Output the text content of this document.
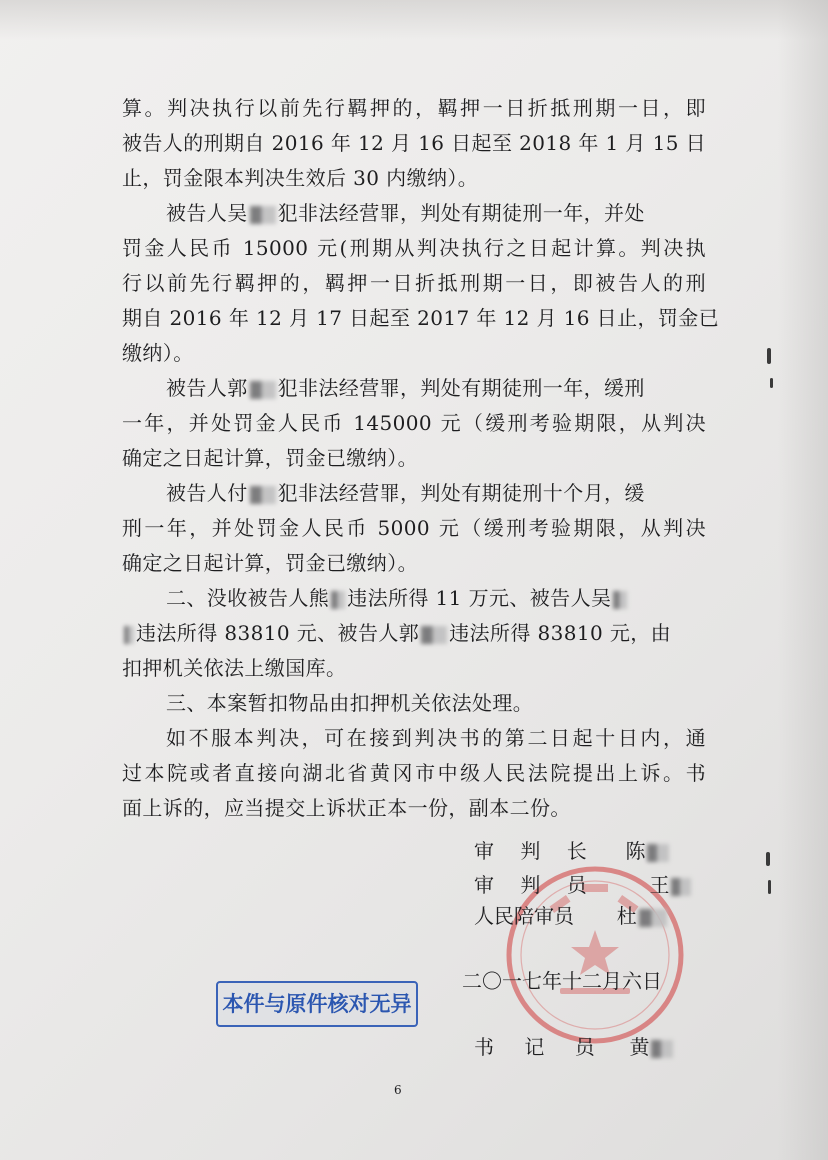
算。判决执行以前先行羁押的，羁押一日折抵刑期一日，即
被告人的刑期自 2016 年 12 月 16 日起至 2018 年 1 月 15 日
止，罚金限本判决生效后 30 内缴纳）。
被告人吴 犯非法经营罪，判处有期徒刑一年，并处
罚金人民币 15000 元(刑期从判决执行之日起计算。判决执
行以前先行羁押的，羁押一日折抵刑期一日，即被告人的刑
期自 2016 年 12 月 17 日起至 2017 年 12 月 16 日止，罚金已
缴纳）。
被告人郭 犯非法经营罪，判处有期徒刑一年，缓刑
一年，并处罚金人民币 145000 元（缓刑考验期限，从判决
确定之日起计算，罚金已缴纳）。
被告人付 犯非法经营罪，判处有期徒刑十个月，缓
刑一年，并处罚金人民币 5000 元（缓刑考验期限，从判决
确定之日起计算，罚金已缴纳）。
二、没收被告人熊 违法所得 11 万元、被告人吴
违法所得 83810 元、被告人郭 违法所得 83810 元，由
扣押机关依法上缴国库。
三、本案暂扣物品由扣押机关依法处理。
如不服本判决，可在接到判决书的第二日起十日内，通
过本院或者直接向湖北省黄冈市中级人民法院提出上诉。书
面上诉的，应当提交上诉状正本一份，副本二份。
审 判 长 陈
审 判 员	王
人民陪审员 杜
二〇一七年十二月六日
书 记 员 黄
本件与原件核对无异
6
